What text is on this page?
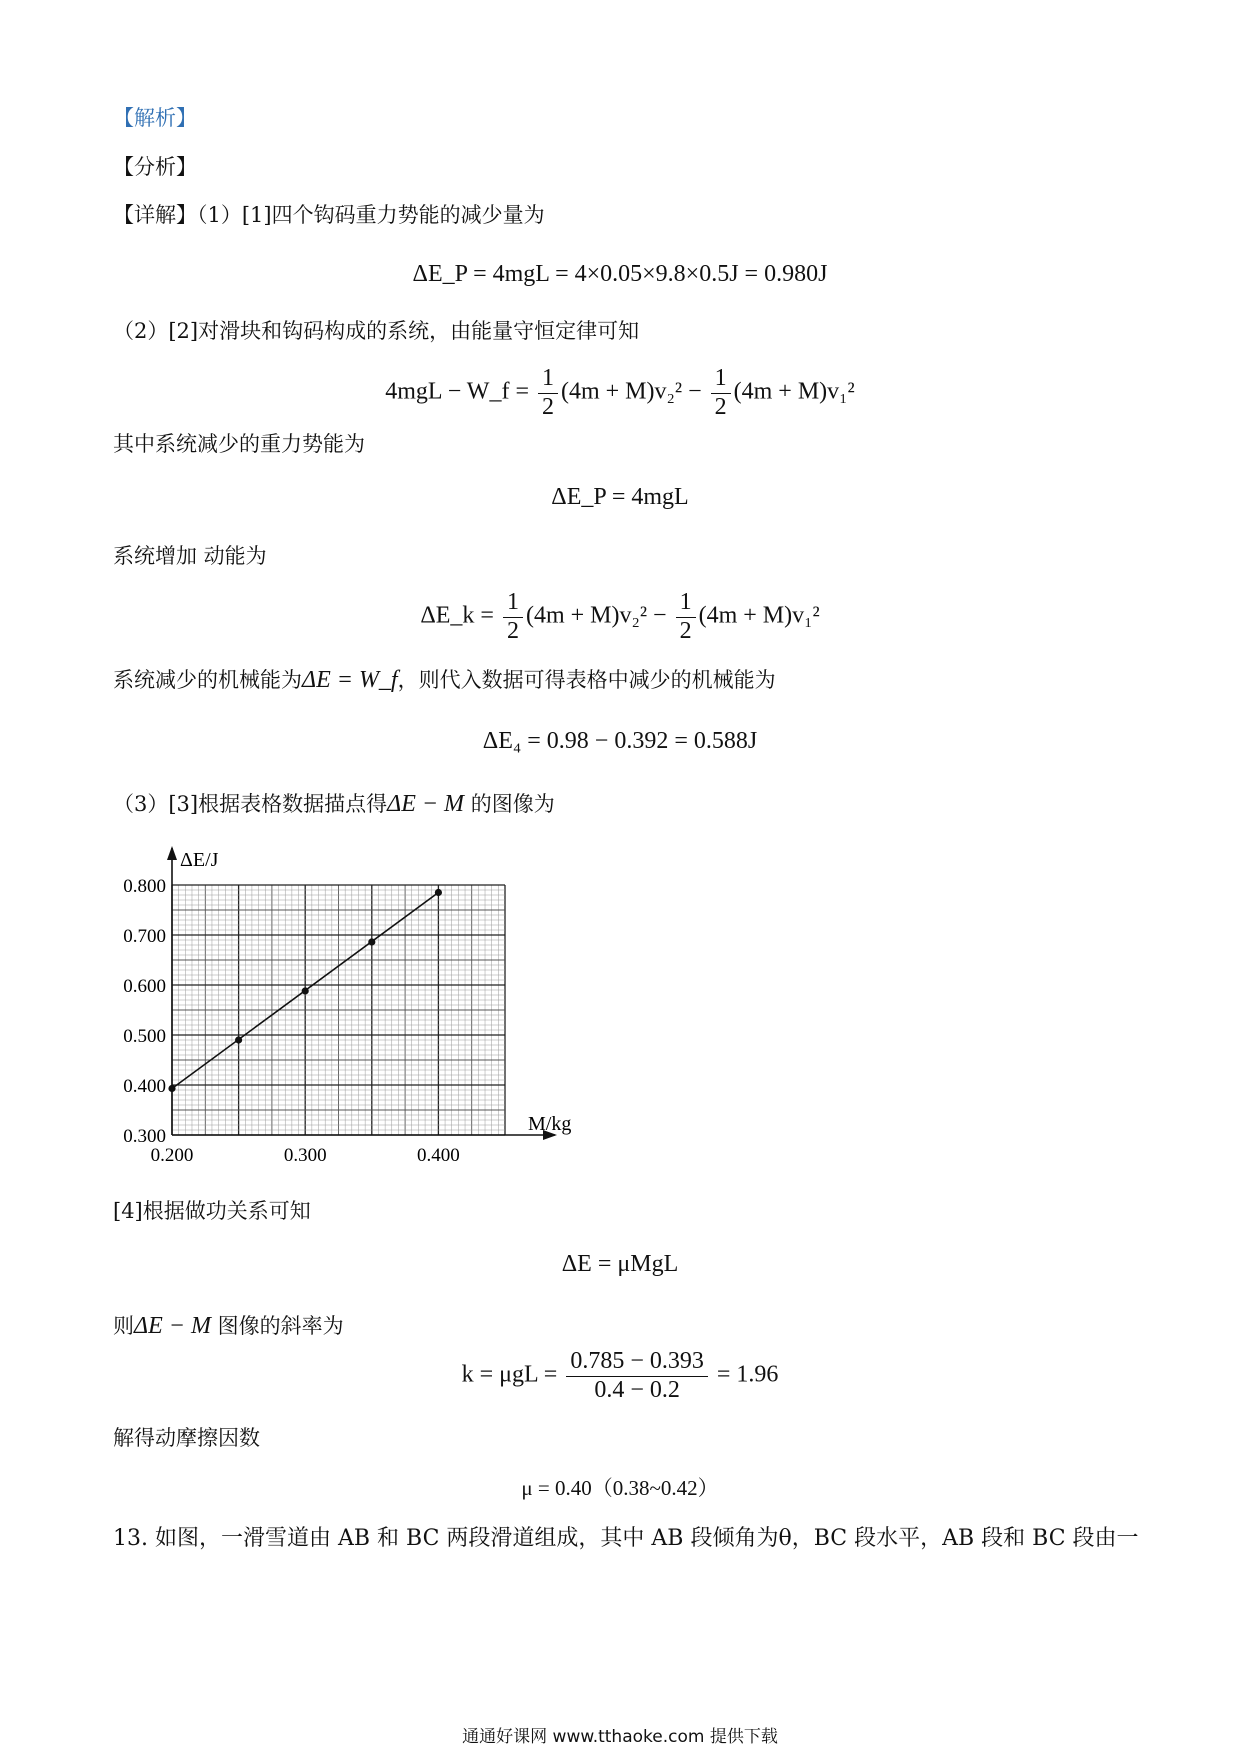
【解析】
【分析】
【详解】（1）[1]四个钩码重力势能的减少量为
ΔE_P = 4mgL = 4×0.05×9.8×0.5J = 0.980J
（2）[2]对滑块和钩码构成的系统，由能量守恒定律可知
4mgL − W_f = $\frac{1}{2} (4m + M)v_2^2 - \frac{1}{2} (4m + M)v_1^2$
其中系统减少的重力势能为
ΔE_P = 4mgL
系统增加 动能为
ΔE_k = $\frac{1}{2} (4m + M)v_2^2 - \frac{1}{2} (4m + M)v_1^2$
系统减少的机械能为ΔE = W_f，则代入数据可得表格中减少的机械能为
ΔE₄ = 0.98 − 0.392 = 0.588J
（3）[3]根据表格数据描点得ΔE − M 的图像为
ΔE/J
M/kg
0.300
0.400
0.500
0.600
0.700
0.800
0.200	0.300	0.400
[4]根据做功关系可知
ΔE = μMgL
则ΔE − M 图像的斜率为
$k = \mu gL = \frac{0.785 - 0.393}{0.4 - 0.2} = 1.96$
解得动摩擦因数
μ = 0.40（0.38~0.42）
13. 如图，一滑雪道由 AB 和 BC 两段滑道组成，其中 AB 段倾角为θ，BC 段水平，AB 段和 BC 段由一
通通好课网 www.tthaoke.com 提供下载
